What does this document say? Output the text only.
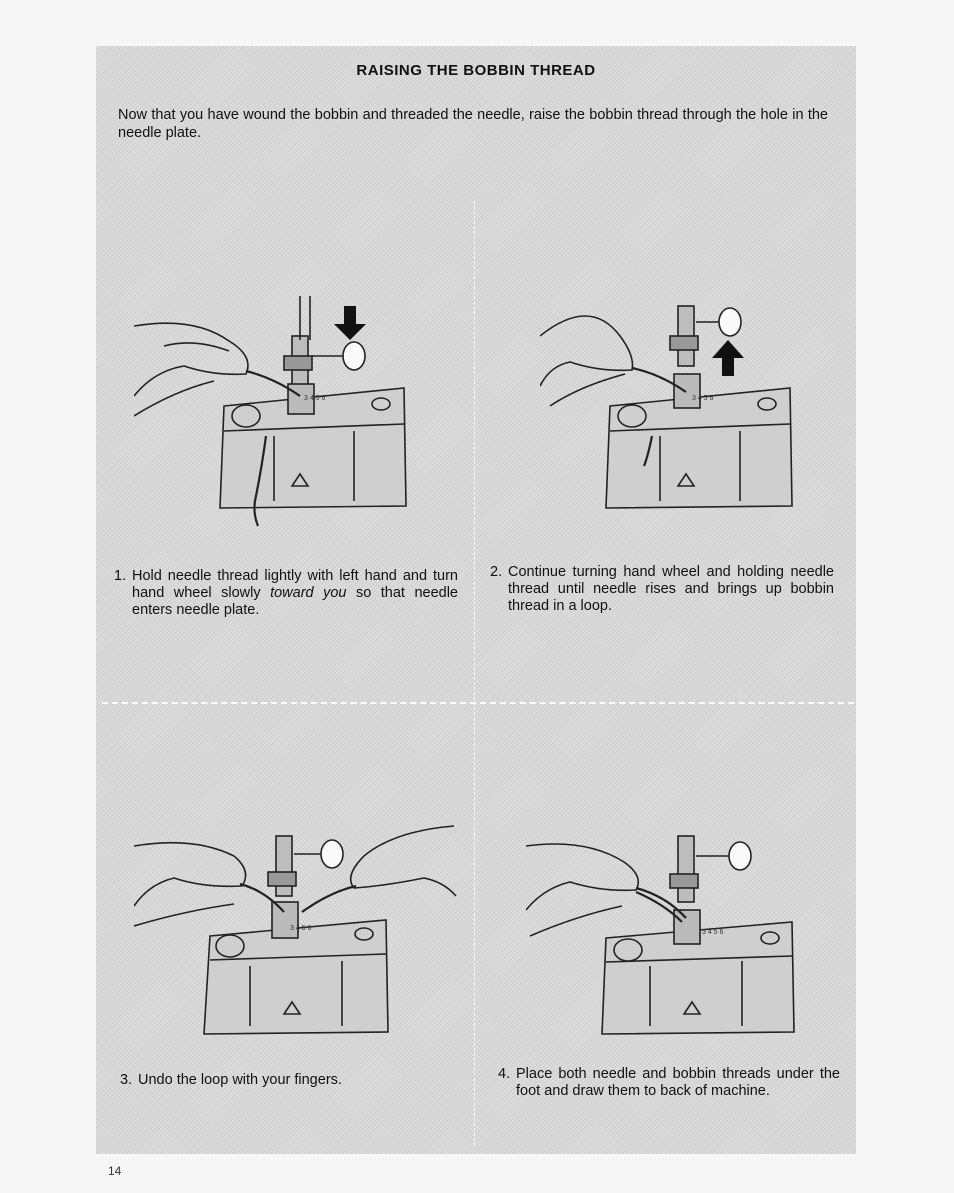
RAISING THE BOBBIN THREAD
Now that you have wound the bobbin and threaded the needle, raise the bobbin thread through the hole in the needle plate.
3 4 5 6	3 4 5 6
3 4 5 6
3 4 5 6
1. Hold needle thread lightly with left hand and turn hand wheel slowly toward you so that needle enters needle plate.
2. Continue turning hand wheel and holding needle thread until needle rises and brings up bobbin thread in a loop.
3. Undo the loop with your fingers.	4. Place both needle and bobbin threads under the foot and draw them to back of machine.
14
